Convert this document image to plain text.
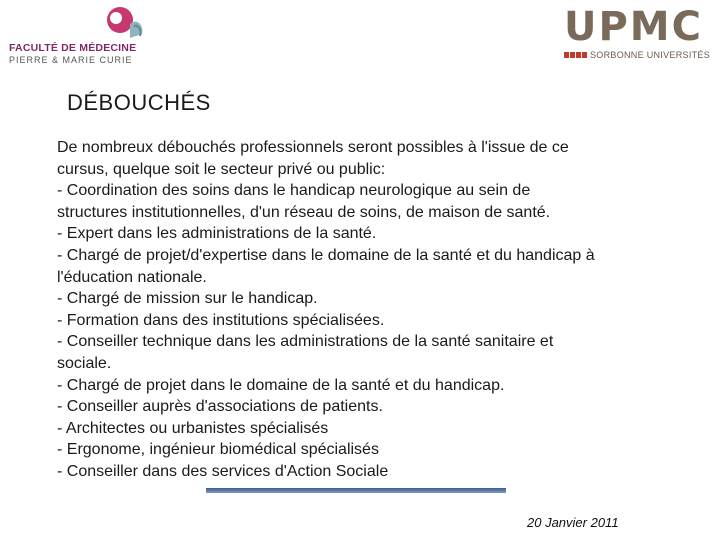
FACULTÉ DE MÉDECINE
PIERRE & MARIE CURIE
UPMC
SORBONNE UNIVERSITÉS
DÉBOUCHÉS
De nombreux débouchés professionnels seront possibles à l'issue de ce
cursus, quelque soit le secteur privé ou public:
- Coordination des soins dans le handicap neurologique au sein de
structures institutionnelles, d'un réseau de soins, de maison de santé.
- Expert dans les administrations de la santé.
- Chargé de projet/d'expertise dans le domaine de la santé et du handicap à
l'éducation nationale.
- Chargé de mission sur le handicap.
- Formation dans des institutions spécialisées.
- Conseiller technique dans les administrations de la santé sanitaire et
sociale.
- Chargé de projet dans le domaine de la santé et du handicap.
- Conseiller auprès d'associations de patients.
- Architectes ou urbanistes spécialisés
- Ergonome, ingénieur biomédical spécialisés
- Conseiller dans des services d'Action Sociale
20 Janvier 2011
